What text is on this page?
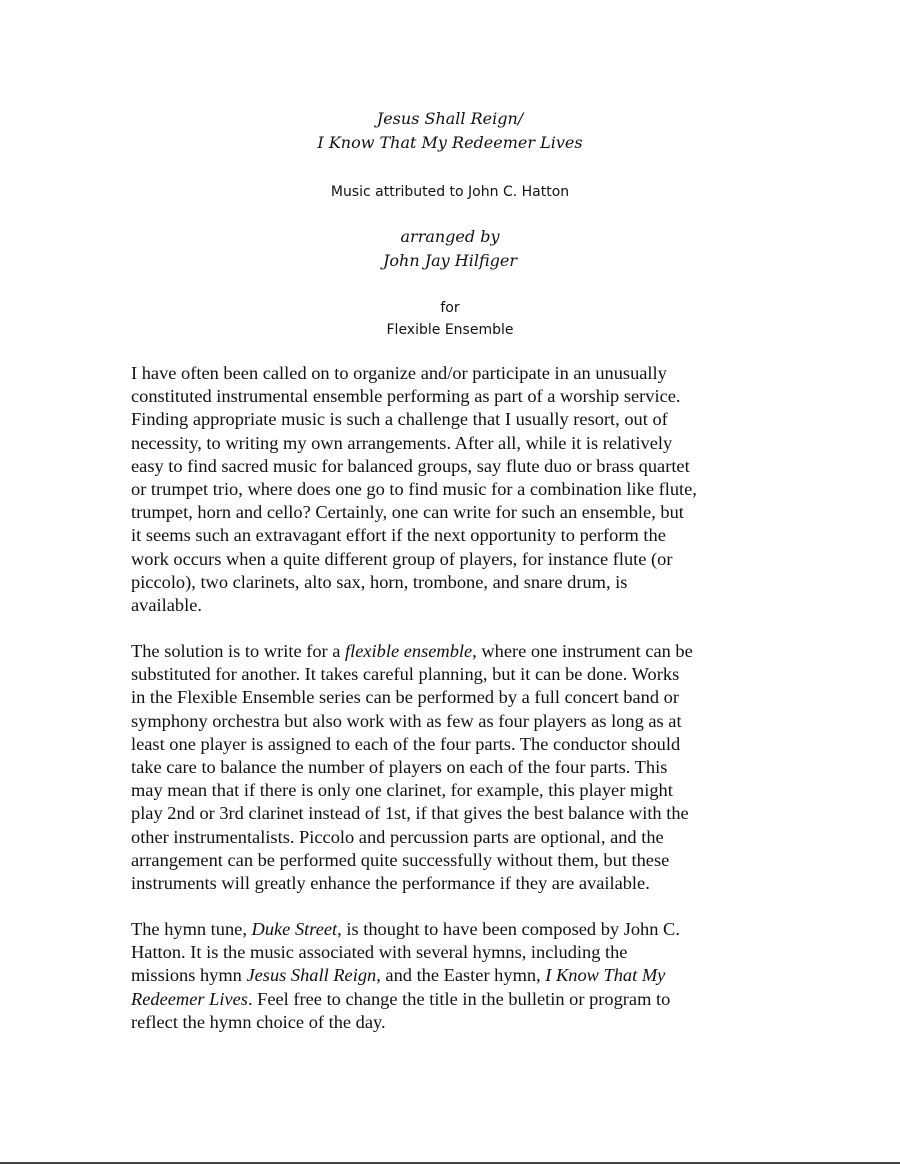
Jesus Shall Reign/
I Know That My Redeemer Lives
Music attributed to John C. Hatton
arranged by
John Jay Hilfiger
for
Flexible Ensemble

I have often been called on to organize and/or participate in an unusually
constituted instrumental ensemble performing as part of a worship service.
Finding appropriate music is such a challenge that I usually resort, out of
necessity, to writing my own arrangements. After all, while it is relatively
easy to find sacred music for balanced groups, say flute duo or brass quartet
or trumpet trio, where does one go to find music for a combination like flute,
trumpet, horn and cello? Certainly, one can write for such an ensemble, but
it seems such an extravagant effort if the next opportunity to perform the
work occurs when a quite different group of players, for instance flute (or
piccolo), two clarinets, alto sax, horn, trombone, and snare drum, is
available.

The solution is to write for a flexible ensemble, where one instrument can be
substituted for another. It takes careful planning, but it can be done. Works
in the Flexible Ensemble series can be performed by a full concert band or
symphony orchestra but also work with as few as four players as long as at
least one player is assigned to each of the four parts. The conductor should
take care to balance the number of players on each of the four parts. This
may mean that if there is only one clarinet, for example, this player might
play 2nd or 3rd clarinet instead of 1st, if that gives the best balance with the
other instrumentalists. Piccolo and percussion parts are optional, and the
arrangement can be performed quite successfully without them, but these
instruments will greatly enhance the performance if they are available.

The hymn tune, Duke Street, is thought to have been composed by John C.
Hatton. It is the music associated with several hymns, including the
missions hymn Jesus Shall Reign, and the Easter hymn, I Know That My
Redeemer Lives. Feel free to change the title in the bulletin or program to
reflect the hymn choice of the day.
